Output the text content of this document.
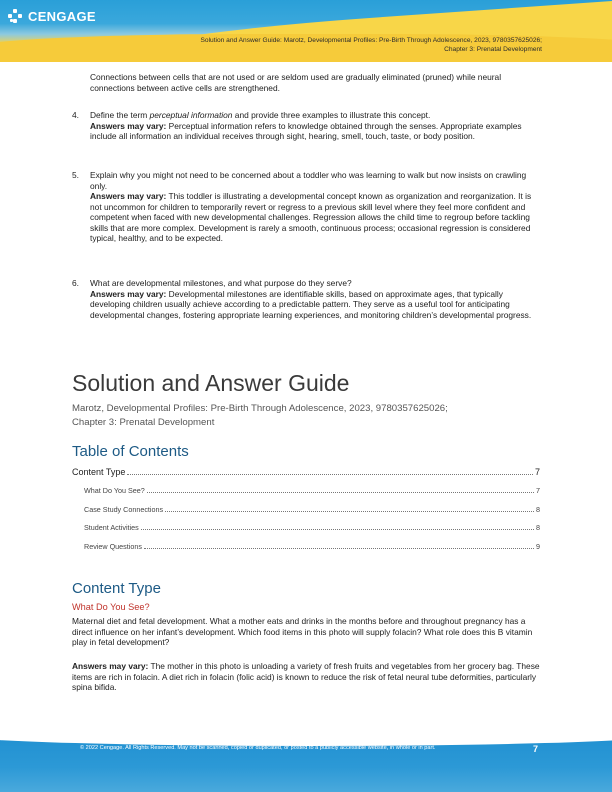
CENGAGE
Solution and Answer Guide: Marotz, Developmental Profiles: Pre-Birth Through Adolescence, 2023, 9780357625026;
Chapter 3: Prenatal Development
Connections between cells that are not used or are seldom used are gradually eliminated (pruned) while neural connections between active cells are strengthened.
4. Define the term perceptual information and provide three examples to illustrate this concept.
Answers may vary: Perceptual information refers to knowledge obtained through the senses. Appropriate examples include all information an individual receives through sight, hearing, smell, touch, taste, or body position.
5. Explain why you might not need to be concerned about a toddler who was learning to walk but now insists on crawling only.
Answers may vary: This toddler is illustrating a developmental concept known as organization and reorganization. It is not uncommon for children to temporarily revert or regress to a previous skill level where they feel more confident and competent when faced with new developmental challenges. Regression allows the child time to regroup before tackling skills that are more complex. Development is rarely a smooth, continuous process; occasional regression is considered typical, healthy, and to be expected.
6. What are developmental milestones, and what purpose do they serve?
Answers may vary: Developmental milestones are identifiable skills, based on approximate ages, that typically developing children usually achieve according to a predictable pattern. They serve as a useful tool for anticipating developmental changes, fostering appropriate learning experiences, and monitoring children’s developmental progress.
Solution and Answer Guide
Marotz, Developmental Profiles: Pre-Birth Through Adolescence, 2023, 9780357625026;
Chapter 3: Prenatal Development
Table of Contents
Content Type	7
What Do You See?	7
Case Study Connections	8
Student Activities	8
Review Questions	9
Content Type
What Do You See?
Maternal diet and fetal development. What a mother eats and drinks in the months before and throughout pregnancy has a direct influence on her infant’s development. Which food items in this photo will supply folacin? What role does this B vitamin play in fetal development?
Answers may vary: The mother in this photo is unloading a variety of fresh fruits and vegetables from her grocery bag. These items are rich in folacin. A diet rich in folacin (folic acid) is known to reduce the risk of fetal neural tube deformities, particularly spina bifida.
© 2022 Cengage. All Rights Reserved. May not be scanned, copied or duplicated, or posted to a publicly accessible website, in whole or in part.	7
